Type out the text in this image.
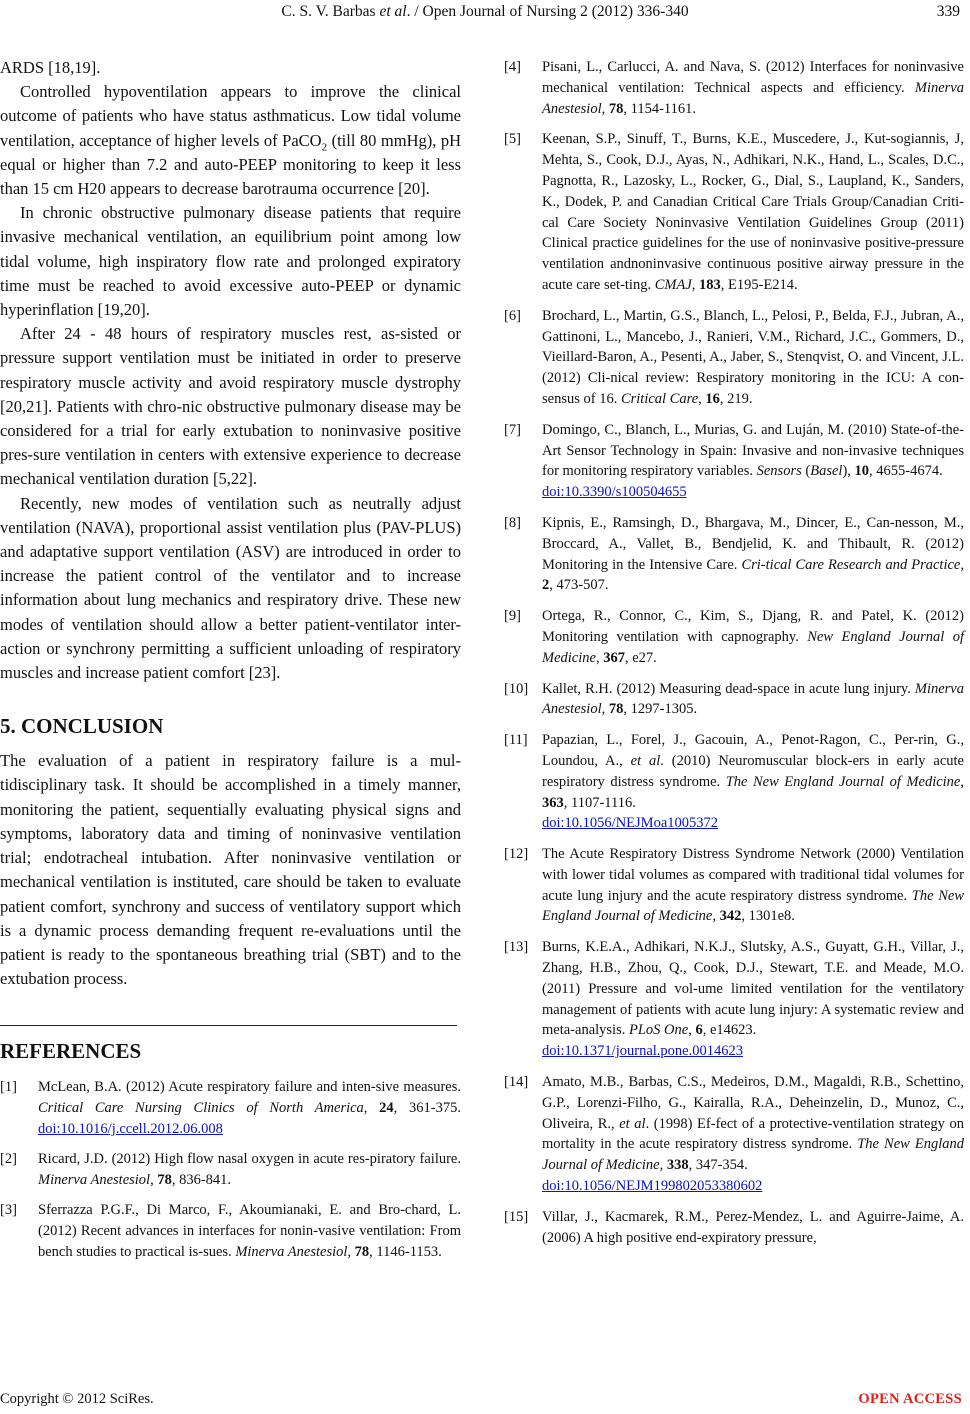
C. S. V. Barbas et al. / Open Journal of Nursing 2 (2012) 336-340	339

ARDS [18,19].

Controlled hypoventilation appears to improve the clinical outcome of patients who have status asthmaticus. Low tidal volume ventilation, acceptance of higher levels of PaCO$_2$ (till 80 mmHg), pH equal or higher than 7.2 and auto-PEEP monitoring to keep it less than 15 cm H20 appears to decrease barotrauma occurrence [20].

In chronic obstructive pulmonary disease patients that require invasive mechanical ventilation, an equilibrium point among low tidal volume, high inspiratory flow rate and prolonged expiratory time must be reached to avoid excessive auto-PEEP or dynamic hyperinflation [19,20].

After 24 - 48 hours of respiratory muscles rest, as-sisted or pressure support ventilation must be initiated in order to preserve respiratory muscle activity and avoid respiratory muscle dystrophy [20,21]. Patients with chro-nic obstructive pulmonary disease may be considered for a trial for early extubation to noninvasive positive pres-sure ventilation in centers with extensive experience to decrease mechanical ventilation duration [5,22].

Recently, new modes of ventilation such as neutrally adjust ventilation (NAVA), proportional assist ventilation plus (PAV-PLUS) and adaptative support ventilation (ASV) are introduced in order to increase the patient control of the ventilator and to increase information about lung mechanics and respiratory drive. These new modes of ventilation should allow a better patient-ventilator inter-action or synchrony permitting a sufficient unloading of respiratory muscles and increase patient comfort [23].

5. CONCLUSION

The evaluation of a patient in respiratory failure is a mul-tidisciplinary task. It should be accomplished in a timely manner, monitoring the patient, sequentially evaluating physical signs and symptoms, laboratory data and timing of noninvasive ventilation trial; endotracheal intubation. After noninvasive ventilation or mechanical ventilation is instituted, care should be taken to evaluate patient comfort, synchrony and success of ventilatory support which is a dynamic process demanding frequent re-evaluations until the patient is ready to the spontaneous breathing trial (SBT) and to the extubation process.

REFERENCES
[1]	McLean, B.A. (2012) Acute respiratory failure and inten-sive measures. Critical Care Nursing Clinics of North America, 24, 361-375. doi:10.1016/j.ccell.2012.06.008
[2]	Ricard, J.D. (2012) High flow nasal oxygen in acute res-piratory failure. Minerva Anestesiol, 78, 836-841.
[3]	Sferrazza P.G.F., Di Marco, F., Akoumianaki, E. and Bro-chard, L. (2012) Recent advances in interfaces for nonin-vasive ventilation: From bench studies to practical is-sues. Minerva Anestesiol, 78, 1146-1153.
[4]	Pisani, L., Carlucci, A. and Nava, S. (2012) Interfaces for noninvasive mechanical ventilation: Technical aspects and efficiency. Minerva Anestesiol, 78, 1154-1161.
[5]	Keenan, S.P., Sinuff, T., Burns, K.E., Muscedere, J., Kut-sogiannis, J, Mehta, S., Cook, D.J., Ayas, N., Adhikari, N.K., Hand, L., Scales, D.C., Pagnotta, R., Lazosky, L., Rocker, G., Dial, S., Laupland, K., Sanders, K., Dodek, P. and Canadian Critical Care Trials Group/Canadian Criti-cal Care Society Noninvasive Ventilation Guidelines Group (2011) Clinical practice guidelines for the use of noninvasive positive-pressure ventilation andnoninvasive continuous positive airway pressure in the acute care set-ting. CMAJ, 183, E195-E214.
[6]	Brochard, L., Martin, G.S., Blanch, L., Pelosi, P., Belda, F.J., Jubran, A., Gattinoni, L., Mancebo, J., Ranieri, V.M., Richard, J.C., Gommers, D., Vieillard-Baron, A., Pesenti, A., Jaber, S., Stenqvist, O. and Vincent, J.L. (2012) Cli-nical review: Respiratory monitoring in the ICU: A con-sensus of 16. Critical Care, 16, 219.
[7]	Domingo, C., Blanch, L., Murias, G. and Luján, M. (2010) State-of-the-Art Sensor Technology in Spain: Invasive and non-invasive techniques for monitoring respiratory variables. Sensors (Basel), 10, 4655-4674.
doi:10.3390/s100504655
[8]	Kipnis, E., Ramsingh, D., Bhargava, M., Dincer, E., Can-nesson, M., Broccard, A., Vallet, B., Bendjelid, K. and Thibault, R. (2012) Monitoring in the Intensive Care. Cri-tical Care Research and Practice, 2, 473-507.
[9]	Ortega, R., Connor, C., Kim, S., Djang, R. and Patel, K. (2012) Monitoring ventilation with capnography. New England Journal of Medicine, 367, e27.
[10] Kallet, R.H. (2012) Measuring dead-space in acute lung injury. Minerva Anestesiol, 78, 1297-1305.
[11] Papazian, L., Forel, J., Gacouin, A., Penot-Ragon, C., Per-rin, G., Loundou, A., et al. (2010) Neuromuscular block-ers in early acute respiratory distress syndrome. The New England Journal of Medicine, 363, 1107-1116.
doi:10.1056/NEJMoa1005372
[12] The Acute Respiratory Distress Syndrome Network (2000) Ventilation with lower tidal volumes as compared with traditional tidal volumes for acute lung injury and the acute respiratory distress syndrome. The New England Journal of Medicine, 342, 1301e8.
[13] Burns, K.E.A., Adhikari, N.K.J., Slutsky, A.S., Guyatt, G.H., Villar, J., Zhang, H.B., Zhou, Q., Cook, D.J., Stewart, T.E. and Meade, M.O. (2011) Pressure and vol-ume limited ventilation for the ventilatory management of patients with acute lung injury: A systematic review and meta-analysis. PLoS One, 6, e14623.
doi:10.1371/journal.pone.0014623
[14] Amato, M.B., Barbas, C.S., Medeiros, D.M., Magaldi, R.B., Schettino, G.P., Lorenzi-Filho, G., Kairalla, R.A., Deheinzelin, D., Munoz, C., Oliveira, R., et al. (1998) Ef-fect of a protective-ventilation strategy on mortality in the acute respiratory distress syndrome. The New England Journal of Medicine, 338, 347-354.
doi:10.1056/NEJM199802053380602
[15] Villar, J., Kacmarek, R.M., Perez-Mendez, L. and Aguirre-Jaime, A. (2006) A high positive end-expiratory pressure,
Copyright © 2012 SciRes.	OPEN ACCESS
